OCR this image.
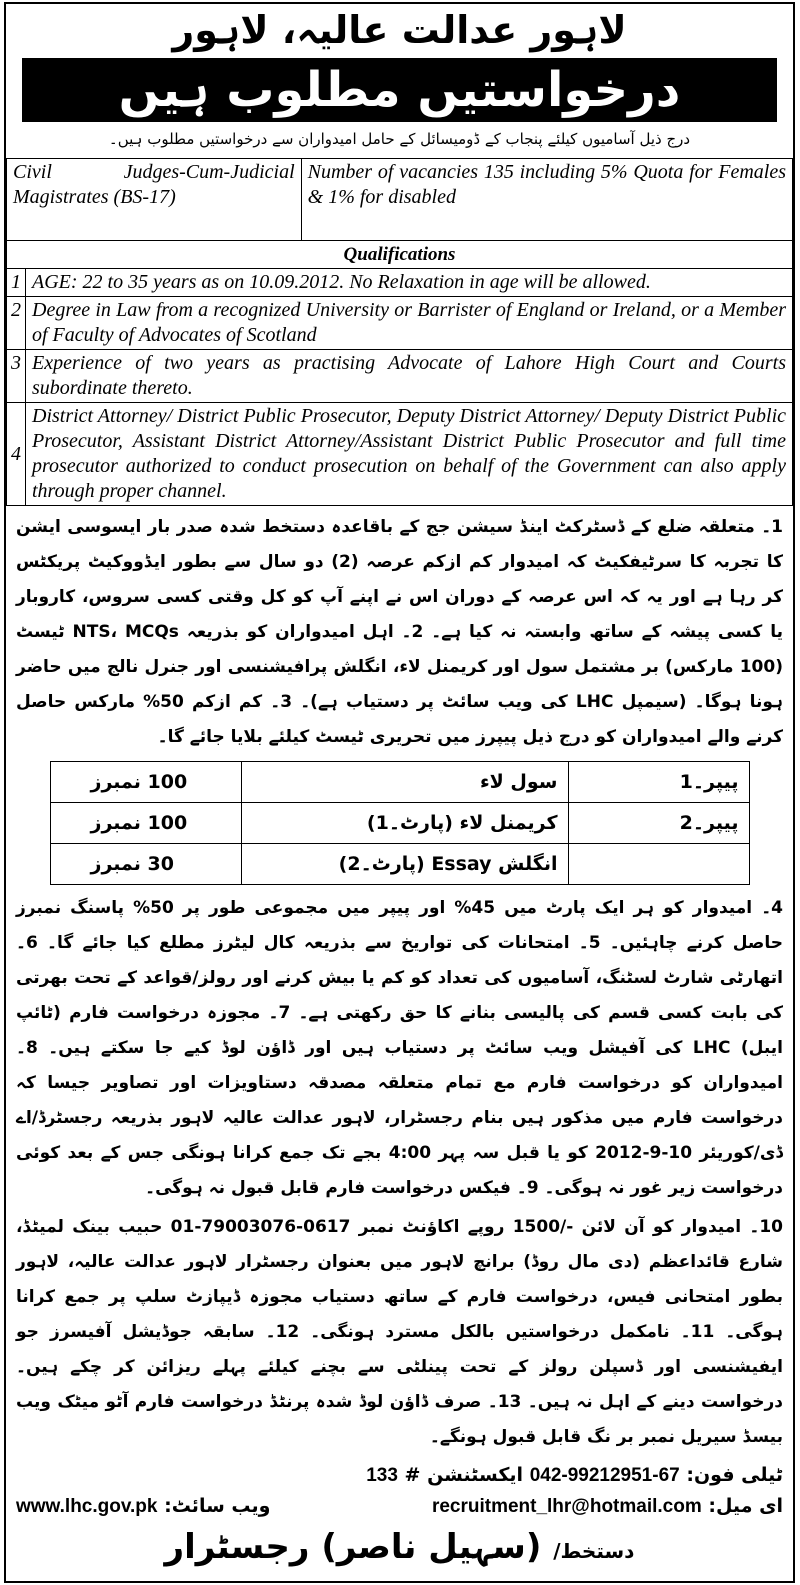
لاہور عدالت عالیہ، لاہور
درخواستیں مطلوب ہیں
درج ذیل آسامیوں کیلئے پنجاب کے ڈومیسائل کے حامل امیدواران سے درخواستیں مطلوب ہیں۔
Civil Judges-Cum-Judicial Magistrates (BS-17)		Number of vacancies 135 including 5% Quota for Females & 1% for disabled
Qualifications		
1	AGE: 22 to 35 years as on 10.09.2012. No Relaxation in age will be allowed.	
2	Degree in Law from a recognized University or Barrister of England or Ireland, or a Member of Faculty of Advocates of Scotland	
3	Experience of two years as practising Advocate of Lahore High Court and Courts subordinate thereto.	
4	District Attorney/ District Public Prosecutor, Deputy District Attorney/ Deputy District Public Prosecutor, Assistant District Attorney/Assistant District Public Prosecutor and full time prosecutor authorized to conduct prosecution on behalf of the Government can also apply through proper channel.	
1۔ متعلقہ ضلع کے ڈسٹرکٹ اینڈ سیشن جج کے باقاعدہ دستخط شدہ صدر بار ایسوسی ایشن کا تجربہ کا سرٹیفکیٹ کہ امیدوار کم ازکم عرصہ (2) دو سال سے بطور ایڈووکیٹ پریکٹس کر رہا ہے اور یہ کہ اس عرصہ کے دوران اس نے اپنے آپ کو کل وقتی کسی سروس، کاروبار یا کسی پیشہ کے ساتھ وابستہ نہ کیا ہے۔ 2۔ اہل امیدواران کو بذریعہ NTS، MCQs ٹیسٹ (100 مارکس) بر مشتمل سول اور کریمنل لاء، انگلش پرافیشنسی اور جنرل نالج میں حاضر ہونا ہوگا۔ (سیمپل LHC کی ویب سائٹ پر دستیاب ہے)۔ 3۔ کم ازکم 50% مارکس حاصل کرنے والے امیدواران کو درج ذیل پیپرز میں تحریری ٹیسٹ کیلئے بلایا جائے گا۔
پیپر۔1	سول لاء	100 نمبرز
پیپر۔2	کریمنل لاء (پارٹ۔1)	100 نمبرز
	انگلش Essay (پارٹ۔2)	30 نمبرز
4۔ امیدوار کو ہر ایک پارٹ میں 45% اور پیپر میں مجموعی طور پر 50% پاسنگ نمبرز حاصل کرنے چاہئیں۔ 5۔ امتحانات کی تواریخ سے بذریعہ کال لیٹرز مطلع کیا جائے گا۔ 6۔ اتھارٹی شارٹ لسٹنگ، آسامیوں کی تعداد کو کم یا بیش کرنے اور رولز/قواعد کے تحت بھرتی کی بابت کسی قسم کی پالیسی بنانے کا حق رکھتی ہے۔ 7۔ مجوزہ درخواست فارم (ٹائپ ایبل) LHC کی آفیشل ویب سائٹ پر دستیاب ہیں اور ڈاؤن لوڈ کیے جا سکتے ہیں۔ 8۔ امیدواران کو درخواست فارم مع تمام متعلقہ مصدقہ دستاویزات اور تصاویر جیسا کہ درخواست فارم میں مذکور ہیں بنام رجسٹرار، لاہور عدالت عالیہ لاہور بذریعہ رجسٹرڈ/اے ڈی/کوریئر 10-9-2012 کو یا قبل سہ پہر 4:00 بجے تک جمع کرانا ہونگی جس کے بعد کوئی درخواست زیر غور نہ ہوگی۔ 9۔ فیکس درخواست فارم قابل قبول نہ ہوگی۔
10۔ امیدوار کو آن لائن -/1500 روپے اکاؤنٹ نمبر 0617-79003076-01 حبیب بینک لمیٹڈ، شارع قائداعظم (دی مال روڈ) برانچ لاہور میں بعنوان رجسٹرار لاہور عدالت عالیہ، لاہور بطور امتحانی فیس، درخواست فارم کے ساتھ دستیاب مجوزہ ڈیپازٹ سلپ پر جمع کرانا ہوگی۔ 11۔ نامکمل درخواستیں بالکل مسترد ہونگی۔ 12۔ سابقہ جوڈیشل آفیسرز جو ایفیشنسی اور ڈسپلن رولز کے تحت پینلٹی سے بچنے کیلئے پہلے ریزائن کر چکے ہیں۔ درخواست دینے کے اہل نہ ہیں۔ 13۔ صرف ڈاؤن لوڈ شدہ پرنٹڈ درخواست فارم آٹو میٹک ویب بیسڈ سیریل نمبر بر نگ قابل قبول ہونگے۔
ٹیلی فون: 042-99212951-67 ایکسٹنشن # 133
ای میل: recruitment_lhr@hotmail.com
ویب سائٹ: www.lhc.gov.pk
دستخط/ (سہیل ناصر) رجسٹرار
